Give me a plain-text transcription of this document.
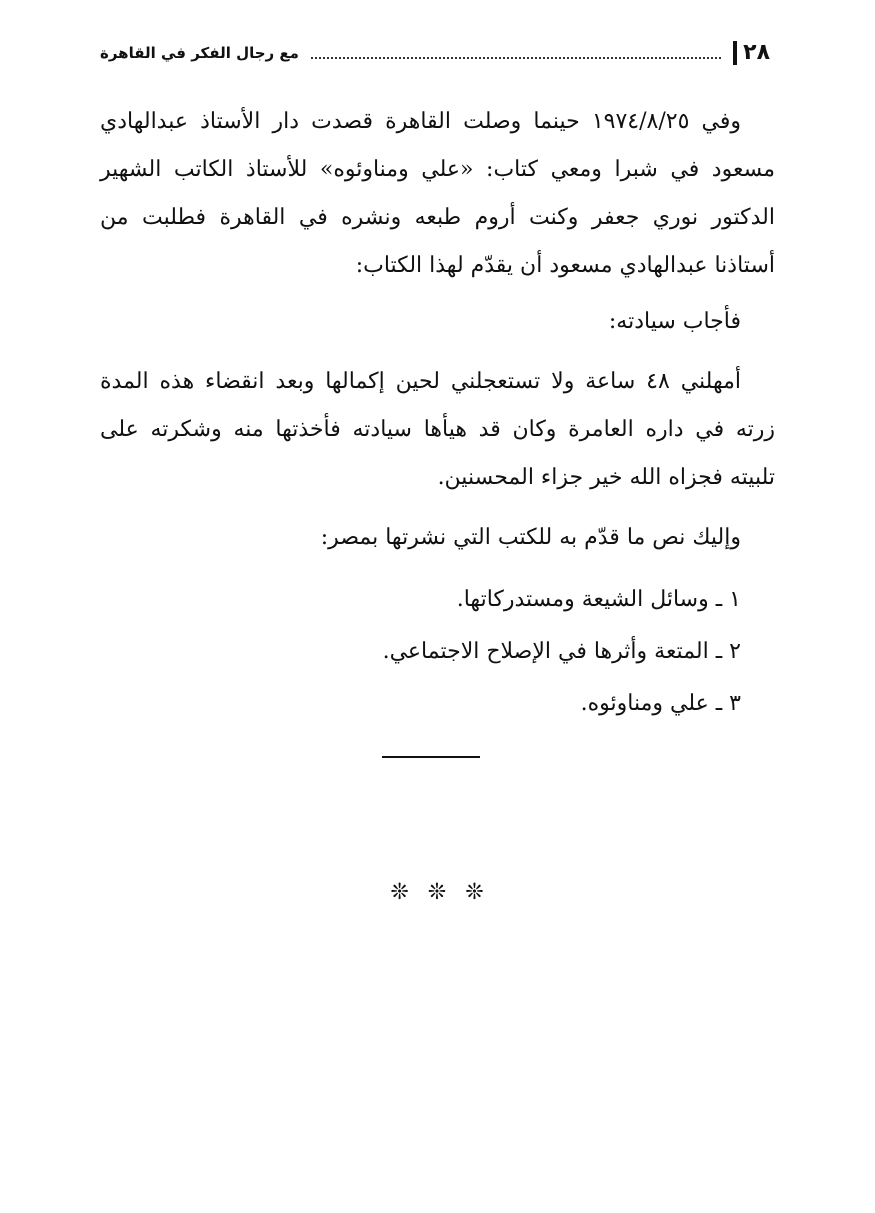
٢٨
مع رجال الفكر في القاهرة

وفي ١٩٧٤/٨/٢٥ حينما وصلت القاهرة قصدت دار الأستاذ عبدالهادي مسعود في شبرا ومعي كتاب: «علي ومناوئوه» للأستاذ الكاتب الشهير الدكتور نوري جعفر وكنت أروم طبعه ونشره في القاهرة فطلبت من أستاذنا عبدالهادي مسعود أن يقدّم لهذا الكتاب:

فأجاب سيادته:

أمهلني ٤٨ ساعة ولا تستعجلني لحين إكمالها وبعد انقضاء هذه المدة زرته في داره العامرة وكان قد هيأها سيادته فأخذتها منه وشكرته على تلبيته فجزاه الله خير جزاء المحسنين.

وإليك نص ما قدّم به للكتب التي نشرتها بمصر:

١ ـ وسائل الشيعة ومستدركاتها.
٢ ـ المتعة وأثرها في الإصلاح الاجتماعي.
٣ ـ علي ومناوئوه.
❊ ❊ ❊
